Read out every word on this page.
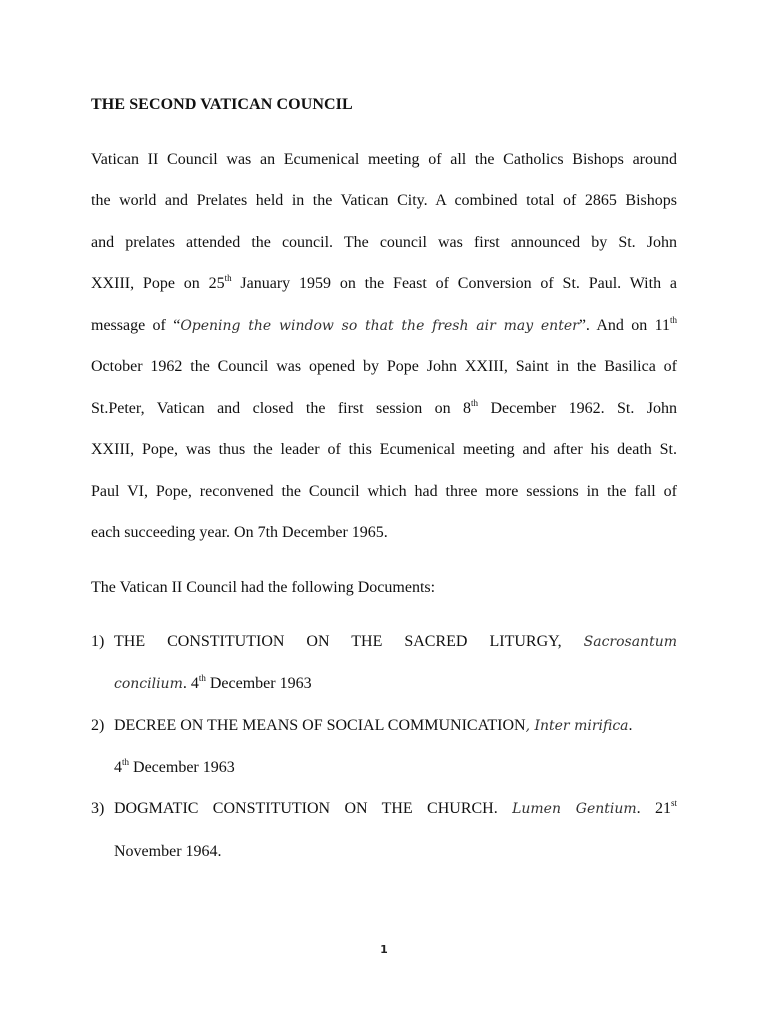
THE SECOND VATICAN COUNCIL
Vatican II Council was an Ecumenical meeting of all the Catholics Bishops around
the world and Prelates held in the Vatican City. A combined total of 2865 Bishops
and prelates attended the council. The council was first announced by St. John
XXIII, Pope on 25th January 1959 on the Feast of Conversion of St. Paul. With a
message of “Opening the window so that the fresh air may enter”. And on 11th
October 1962 the Council was opened by Pope John XXIII, Saint in the Basilica of
St.Peter, Vatican and closed the first session on 8th December 1962. St. John
XXIII, Pope, was thus the leader of this Ecumenical meeting and after his death St.
Paul VI, Pope, reconvened the Council which had three more sessions in the fall of
each succeeding year. On 7th December 1965.
The Vatican II Council had the following Documents:
1) THE CONSTITUTION ON THE SACRED LITURGY, Sacrosantum
concilium. 4th December 1963
2) DECREE ON THE MEANS OF SOCIAL COMMUNICATION, Inter mirifica.
4th December 1963
3) DOGMATIC CONSTITUTION ON THE CHURCH. Lumen Gentium. 21st
November 1964.
1
